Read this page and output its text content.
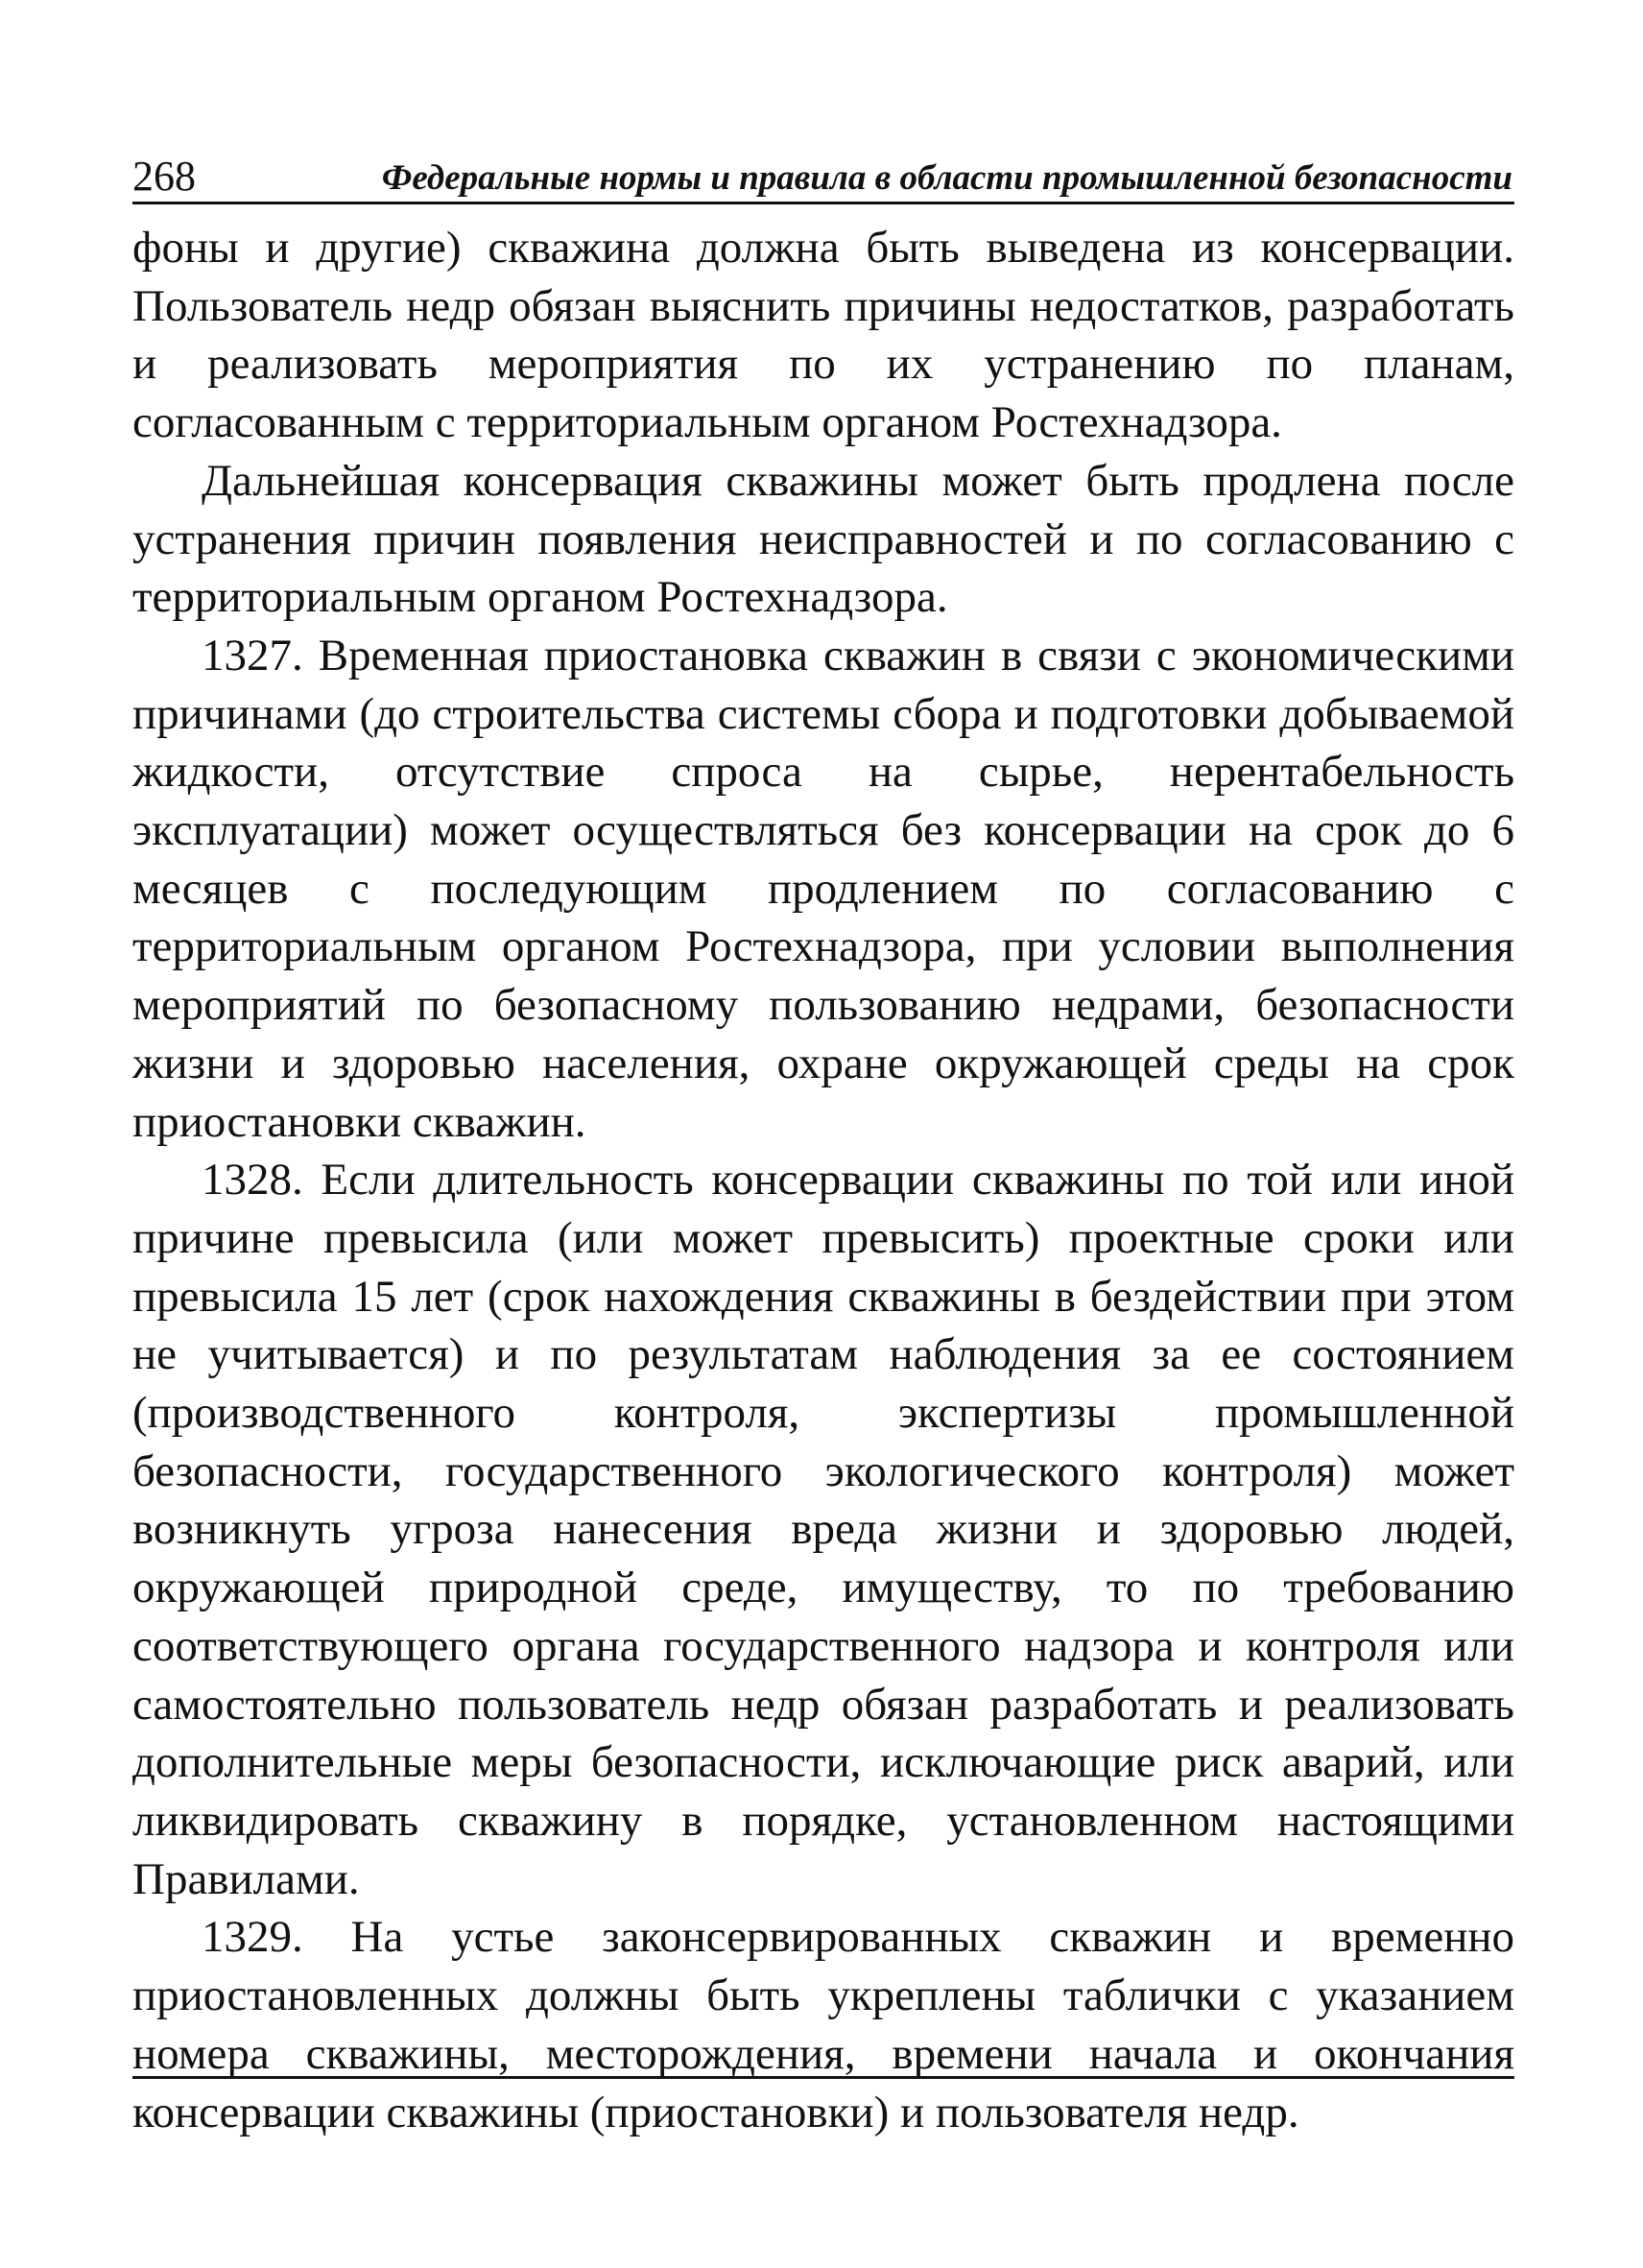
268	Федеральные нормы и правила в области промышленной безопасности

фоны и другие) скважина должна быть выведена из консервации. Пользователь недр обязан выяснить причины недостатков, разработать и реализовать мероприятия по их устранению по планам, согласованным с территориальным органом Ростехнадзора.

Дальнейшая консервация скважины может быть продлена после устранения причин появления неисправностей и по согласованию с территориальным органом Ростехнадзора.

1327. Временная приостановка скважин в связи с экономическими причинами (до строительства системы сбора и подготовки добываемой жидкости, отсутствие спроса на сырье, нерентабельность эксплуатации) может осуществляться без консервации на срок до 6 месяцев с последующим продлением по согласованию с территориальным органом Ростехнадзора, при условии выполнения мероприятий по безопасному пользованию недрами, безопасности жизни и здоровью населения, охране окружающей среды на срок приостановки скважин.

1328. Если длительность консервации скважины по той или иной причине превысила (или может превысить) проектные сроки или превысила 15 лет (срок нахождения скважины в бездействии при этом не учитывается) и по результатам наблюдения за ее состоянием (производственного контроля, экспертизы промышленной безопасности, государственного экологического контроля) может возникнуть угроза нанесения вреда жизни и здоровью людей, окружающей природной среде, имуществу, то по требованию соответствующего органа государственного надзора и контроля или самостоятельно пользователь недр обязан разработать и реализовать дополнительные меры безопасности, исключающие риск аварий, или ликвидировать скважину в порядке, установленном настоящими Правилами.

1329. На устье законсервированных скважин и временно приостановленных должны быть укреплены таблички с указанием номера скважины, месторождения, времени начала и окончания консервации скважины (приостановки) и пользователя недр.
